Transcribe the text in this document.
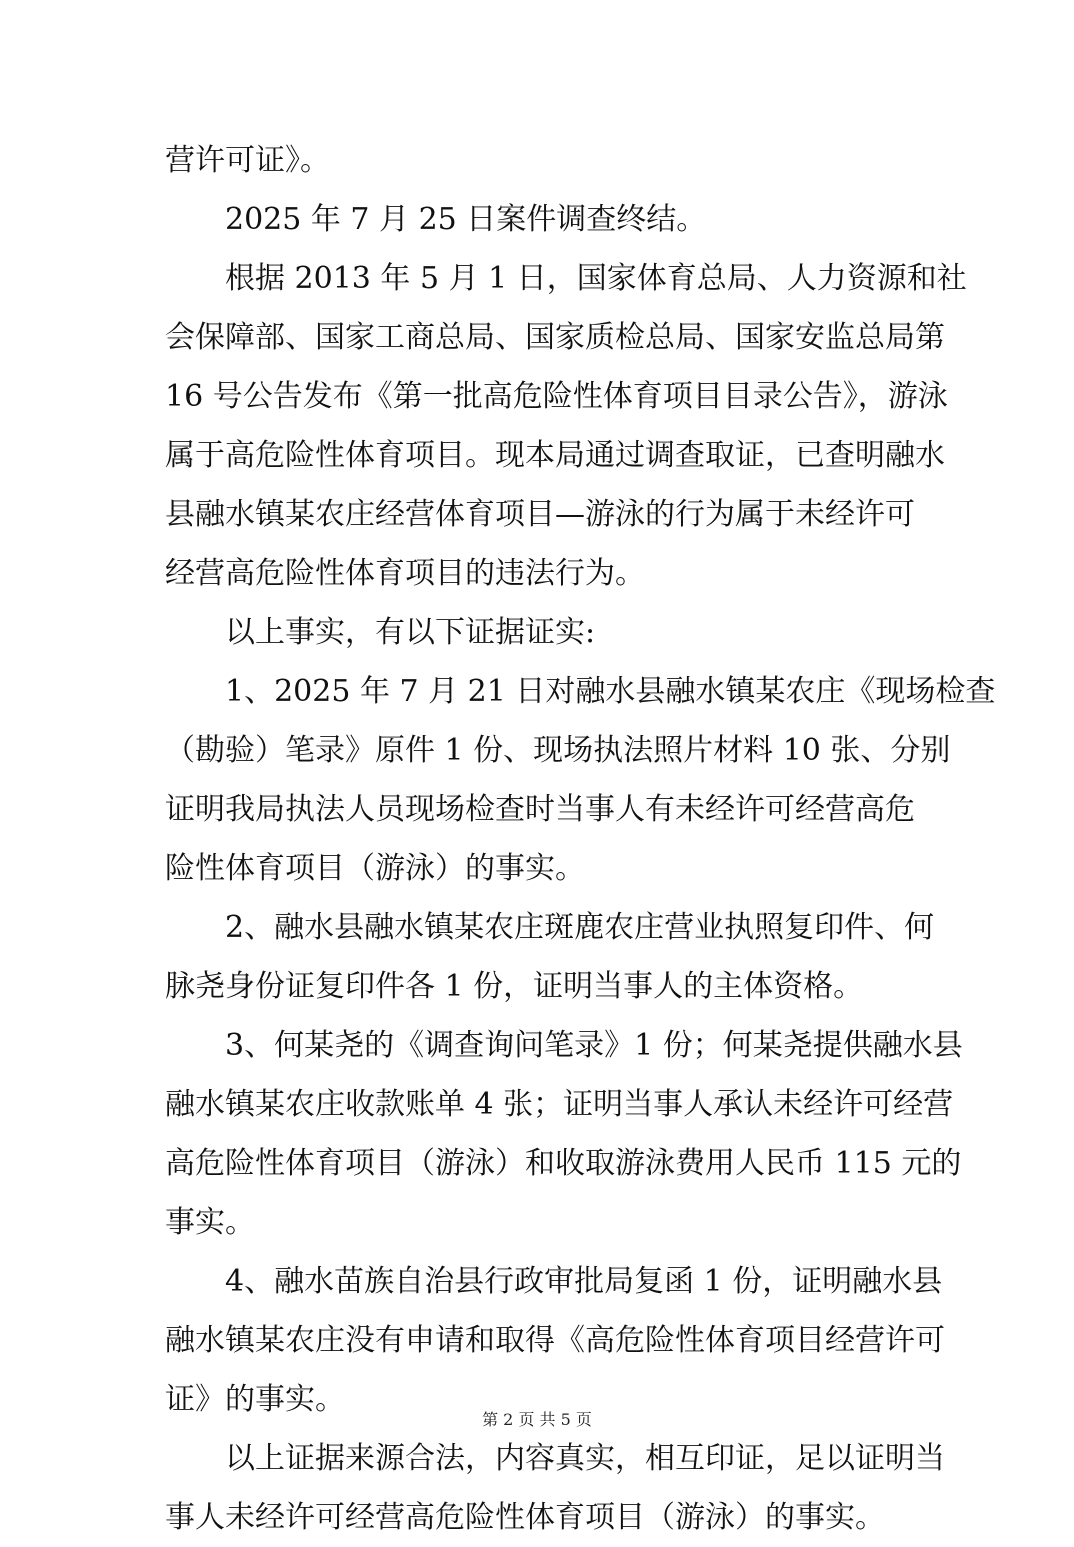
营许可证》。
2025 年 7 月 25 日案件调查终结。
根据 2013 年 5 月 1 日，国家体育总局、人力资源和社
会保障部、国家工商总局、国家质检总局、国家安监总局第
16 号公告发布《第一批高危险性体育项目目录公告》，游泳
属于高危险性体育项目。现本局通过调查取证，已查明融水
县融水镇某农庄经营体育项目—游泳的行为属于未经许可
经营高危险性体育项目的违法行为。
以上事实，有以下证据证实:
1、2025 年 7 月 21 日对融水县融水镇某农庄《现场检查
（勘验）笔录》原件 1 份、现场执法照片材料 10 张、分别
证明我局执法人员现场检查时当事人有未经许可经营高危
险性体育项目（游泳）的事实。
2、融水县融水镇某农庄斑鹿农庄营业执照复印件、何
脉尧身份证复印件各 1 份，证明当事人的主体资格。
3、何某尧的《调查询问笔录》1 份；何某尧提供融水县
融水镇某农庄收款账单 4 张；证明当事人承认未经许可经营
高危险性体育项目（游泳）和收取游泳费用人民币 115 元的
事实。
4、融水苗族自治县行政审批局复函 1 份，证明融水县
融水镇某农庄没有申请和取得《高危险性体育项目经营许可
证》的事实。
以上证据来源合法，内容真实，相互印证，足以证明当
事人未经许可经营高危险性体育项目（游泳）的事实。
第 2 页 共 5 页
